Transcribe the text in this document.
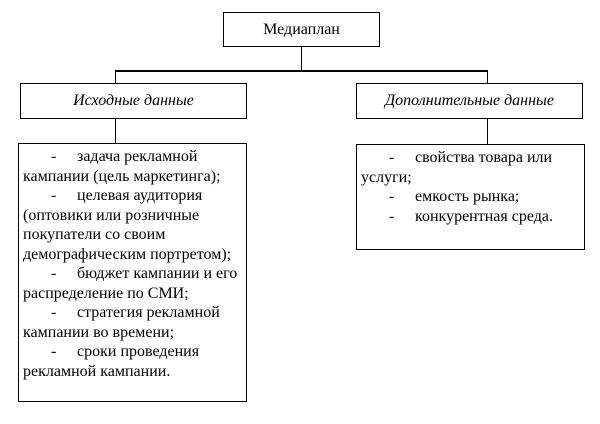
Медиаплан
Исходные данные	Дополнительные данные

- задача рекламной кампании (цель маркетинга);

- целевая аудитория (оптовики или розничные покупатели со своим демографическим портретом);

- бюджет кампании и его распределение по СМИ;

- стратегия рекламной кампании во времени;

- сроки проведения рекламной кампании.

- свойства товара или услуги;

- емкость рынка;

- конкурентная среда.
